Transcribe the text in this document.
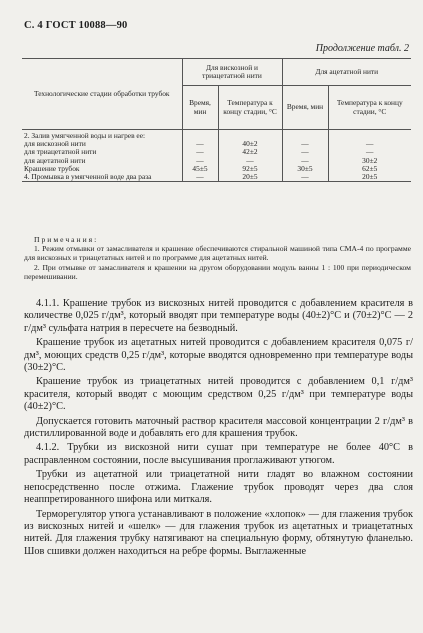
С. 4 ГОСТ 10088—90
Продолжение табл. 2
Технологические стадии обработки трубок	Для вискозной и триацетатной нити		Для ацетатной нити	
	Время, мин	Температура к концу стадии, °С	Время, мин	Температура к концу стадии, °С
2. Залив умягченной воды и нагрев ее:				
для вискозной нити	—	40±2	—	—
для триацетатной нити	—	42±2	—	—
для ацетатной нити	—	—	—	30±2
Крашение трубок	45±5	92±5	30±5	62±5
4. Промывка в умягченной воде два раза	—	20±5	—	20±5
Примечания:

1. Режим отмывки от замасливателя и крашение обеспечиваются стиральной машиной типа СМА-4 по программе для вискозных и триацетатных нитей и по программе для ацетатных нитей.

2. При отмывке от замасливателя и крашении на другом оборудовании модуль ванны 1 : 100 при периодическом перемешивании.

4.1.1. Крашение трубок из вискозных нитей проводится с добавлением красителя в количестве 0,025 г/дм³, который вводят при температуре воды (40±2)°С и (70±2)°С — 2 г/дм³ сульфата натрия в пересчете на безводный.

Крашение трубок из ацетатных нитей проводится с добавлением красителя 0,075 г/дм³, моющих средств 0,25 г/дм³, которые вводятся одновременно при температуре воды (30±2)°С.

Крашение трубок из триацетатных нитей проводится с добавлением 0,1 г/дм³ красителя, который вводят с моющим средством 0,25 г/дм³ при температуре воды (40±2)°С.

Допускается готовить маточный раствор красителя массовой концентрации 2 г/дм³ в дистиллированной воде и добавлять его для крашения трубок.

4.1.2. Трубки из вискозной нити сушат при температуре не более 40°С в расправленном состоянии, после высушивания проглаживают утюгом.

Трубки из ацетатной или триацетатной нити гладят во влажном состоянии непосредственно после отжима. Глажение трубок проводят через два слоя неаппретированного шифона или миткаля.

Терморегулятор утюга устанавливают в положение «хлопок» — для глажения трубок из вискозных нитей и «шелк» — для глажения трубок из ацетатных и триацетатных нитей. Для глажения трубку натягивают на специальную форму, обтянутую фланелью. Шов сшивки должен находиться на ребре формы. Выглаженные
